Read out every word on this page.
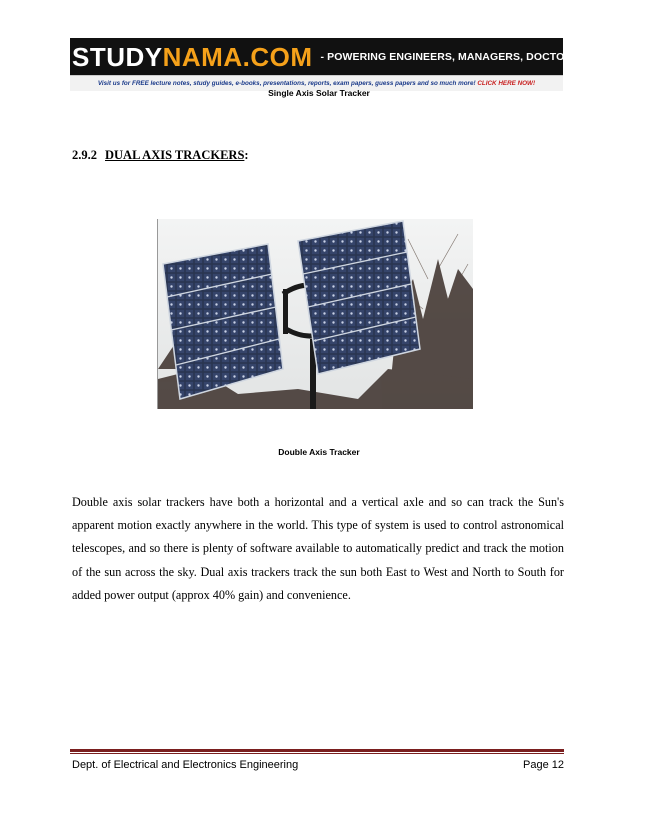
STUDYNAMA.COM - POWERING ENGINEERS, MANAGERS, DOCTORS & LAWYERS.
Visit us for FREE lecture notes, study guides, e-books, presentations, reports, exam papers, guess papers and so much more! CLICK HERE NOW!
Single Axis Solar Tracker
2.9.2 DUAL AXIS TRACKERS:
Double Axis Tracker

Double axis solar trackers have both a horizontal and a vertical axle and so can track the Sun's apparent motion exactly anywhere in the world. This type of system is used to control astronomical telescopes, and so there is plenty of software available to automatically predict and track the motion of the sun across the sky. Dual axis trackers track the sun both East to West and North to South for added power output (approx 40% gain) and convenience.

Dept. of Electrical and Electronics Engineering	Page 12
